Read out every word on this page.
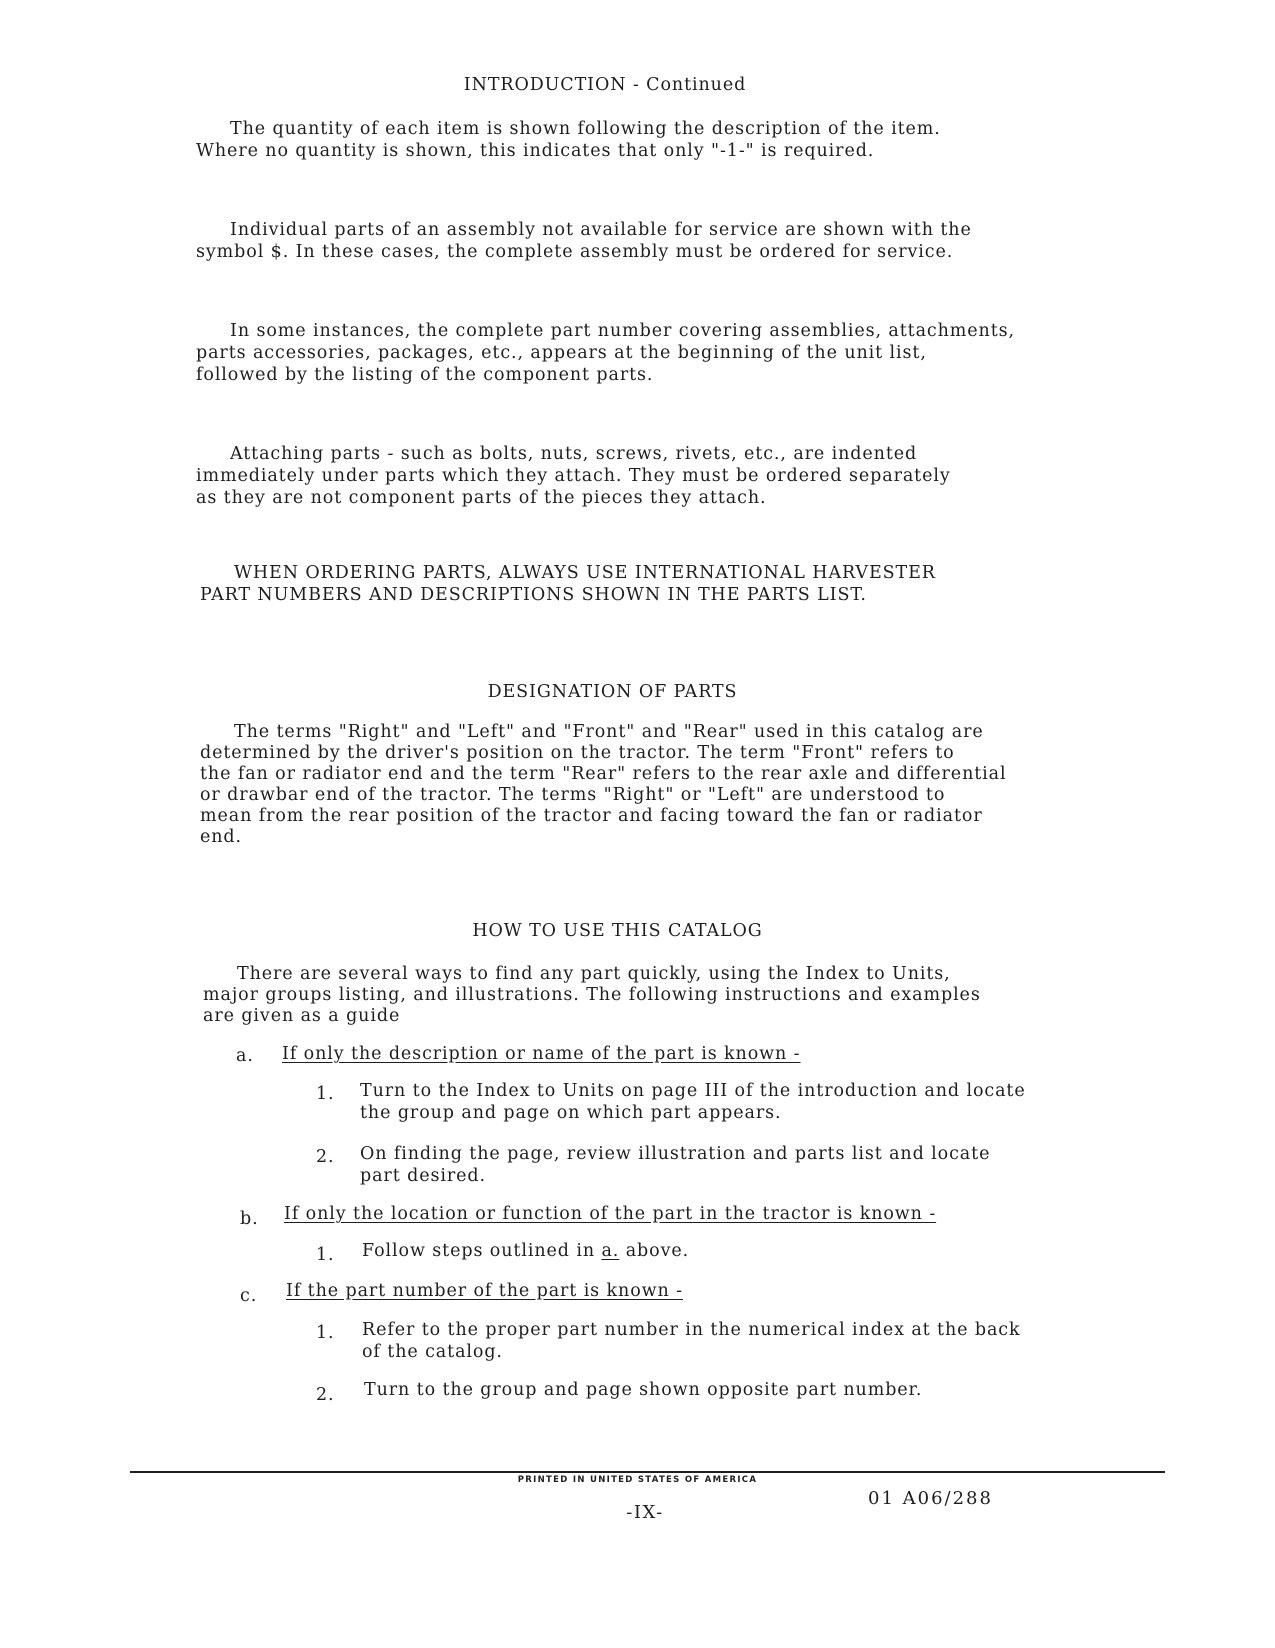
INTRODUCTION - Continued
The quantity of each item is shown following the description of the item.
Where no quantity is shown, this indicates that only "-1-" is required.
Individual parts of an assembly not available for service are shown with the
symbol $. In these cases, the complete assembly must be ordered for service.
In some instances, the complete part number covering assemblies, attachments,
parts accessories, packages, etc., appears at the beginning of the unit list,
followed by the listing of the component parts.
Attaching parts - such as bolts, nuts, screws, rivets, etc., are indented
immediately under parts which they attach. They must be ordered separately
as they are not component parts of the pieces they attach.
WHEN ORDERING PARTS, ALWAYS USE INTERNATIONAL HARVESTER
PART NUMBERS AND DESCRIPTIONS SHOWN IN THE PARTS LIST.
DESIGNATION OF PARTS
The terms "Right" and "Left" and "Front" and "Rear" used in this catalog are
determined by the driver's position on the tractor. The term "Front" refers to
the fan or radiator end and the term "Rear" refers to the rear axle and differential
or drawbar end of the tractor. The terms "Right" or "Left" are understood to
mean from the rear position of the tractor and facing toward the fan or radiator
end.
HOW TO USE THIS CATALOG
There are several ways to find any part quickly, using the Index to Units,
major groups listing, and illustrations. The following instructions and examples
are given as a guide
a. If only the description or name of the part is known -
1. Turn to the Index to Units on page III of the introduction and locate
the group and page on which part appears.
2. On finding the page, review illustration and parts list and locate
part desired.
b. If only the location or function of the part in the tractor is known -
1. Follow steps outlined in a. above.
c. If the part number of the part is known -
1. Refer to the proper part number in the numerical index at the back
of the catalog.
2. Turn to the group and page shown opposite part number.
PRINTED IN UNITED STATES OF AMERICA
01 A06/288
-IX-
